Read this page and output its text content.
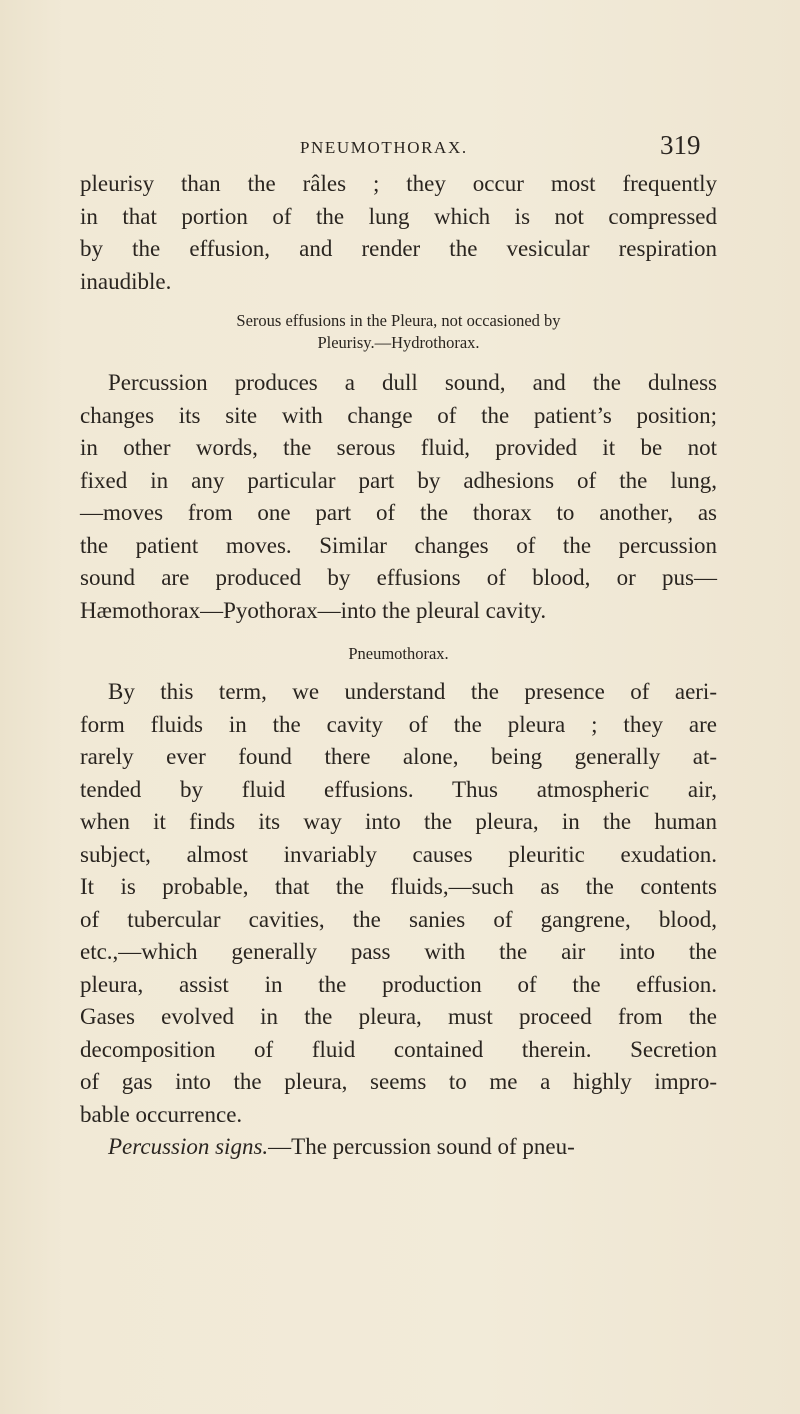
PNEUMOTHORAX.	319

pleurisy than the râles ; they occur most frequently
in that portion of the lung which is not compressed
by the effusion, and render the vesicular respiration
inaudible.

Serous effusions in the Pleura, not occasioned by
Pleurisy.—Hydrothorax.

Percussion produces a dull sound, and the dulness
changes its site with change of the patient’s position;
in other words, the serous fluid, provided it be not
fixed in any particular part by adhesions of the lung,
—moves from one part of the thorax to another, as
the patient moves. Similar changes of the percussion
sound are produced by effusions of blood, or pus—
Hæmothorax—Pyothorax—into the pleural cavity.

Pneumothorax.

By this term, we understand the presence of aeri-
form fluids in the cavity of the pleura ; they are
rarely ever found there alone, being generally at-
tended by fluid effusions. Thus atmospheric air,
when it finds its way into the pleura, in the human
subject, almost invariably causes pleuritic exudation.
It is probable, that the fluids,—such as the contents
of tubercular cavities, the sanies of gangrene, blood,
etc.,—which generally pass with the air into the
pleura, assist in the production of the effusion.
Gases evolved in the pleura, must proceed from the
decomposition of fluid contained therein. Secretion
of gas into the pleura, seems to me a highly impro-
bable occurrence.

Percussion signs.—The percussion sound of pneu-
